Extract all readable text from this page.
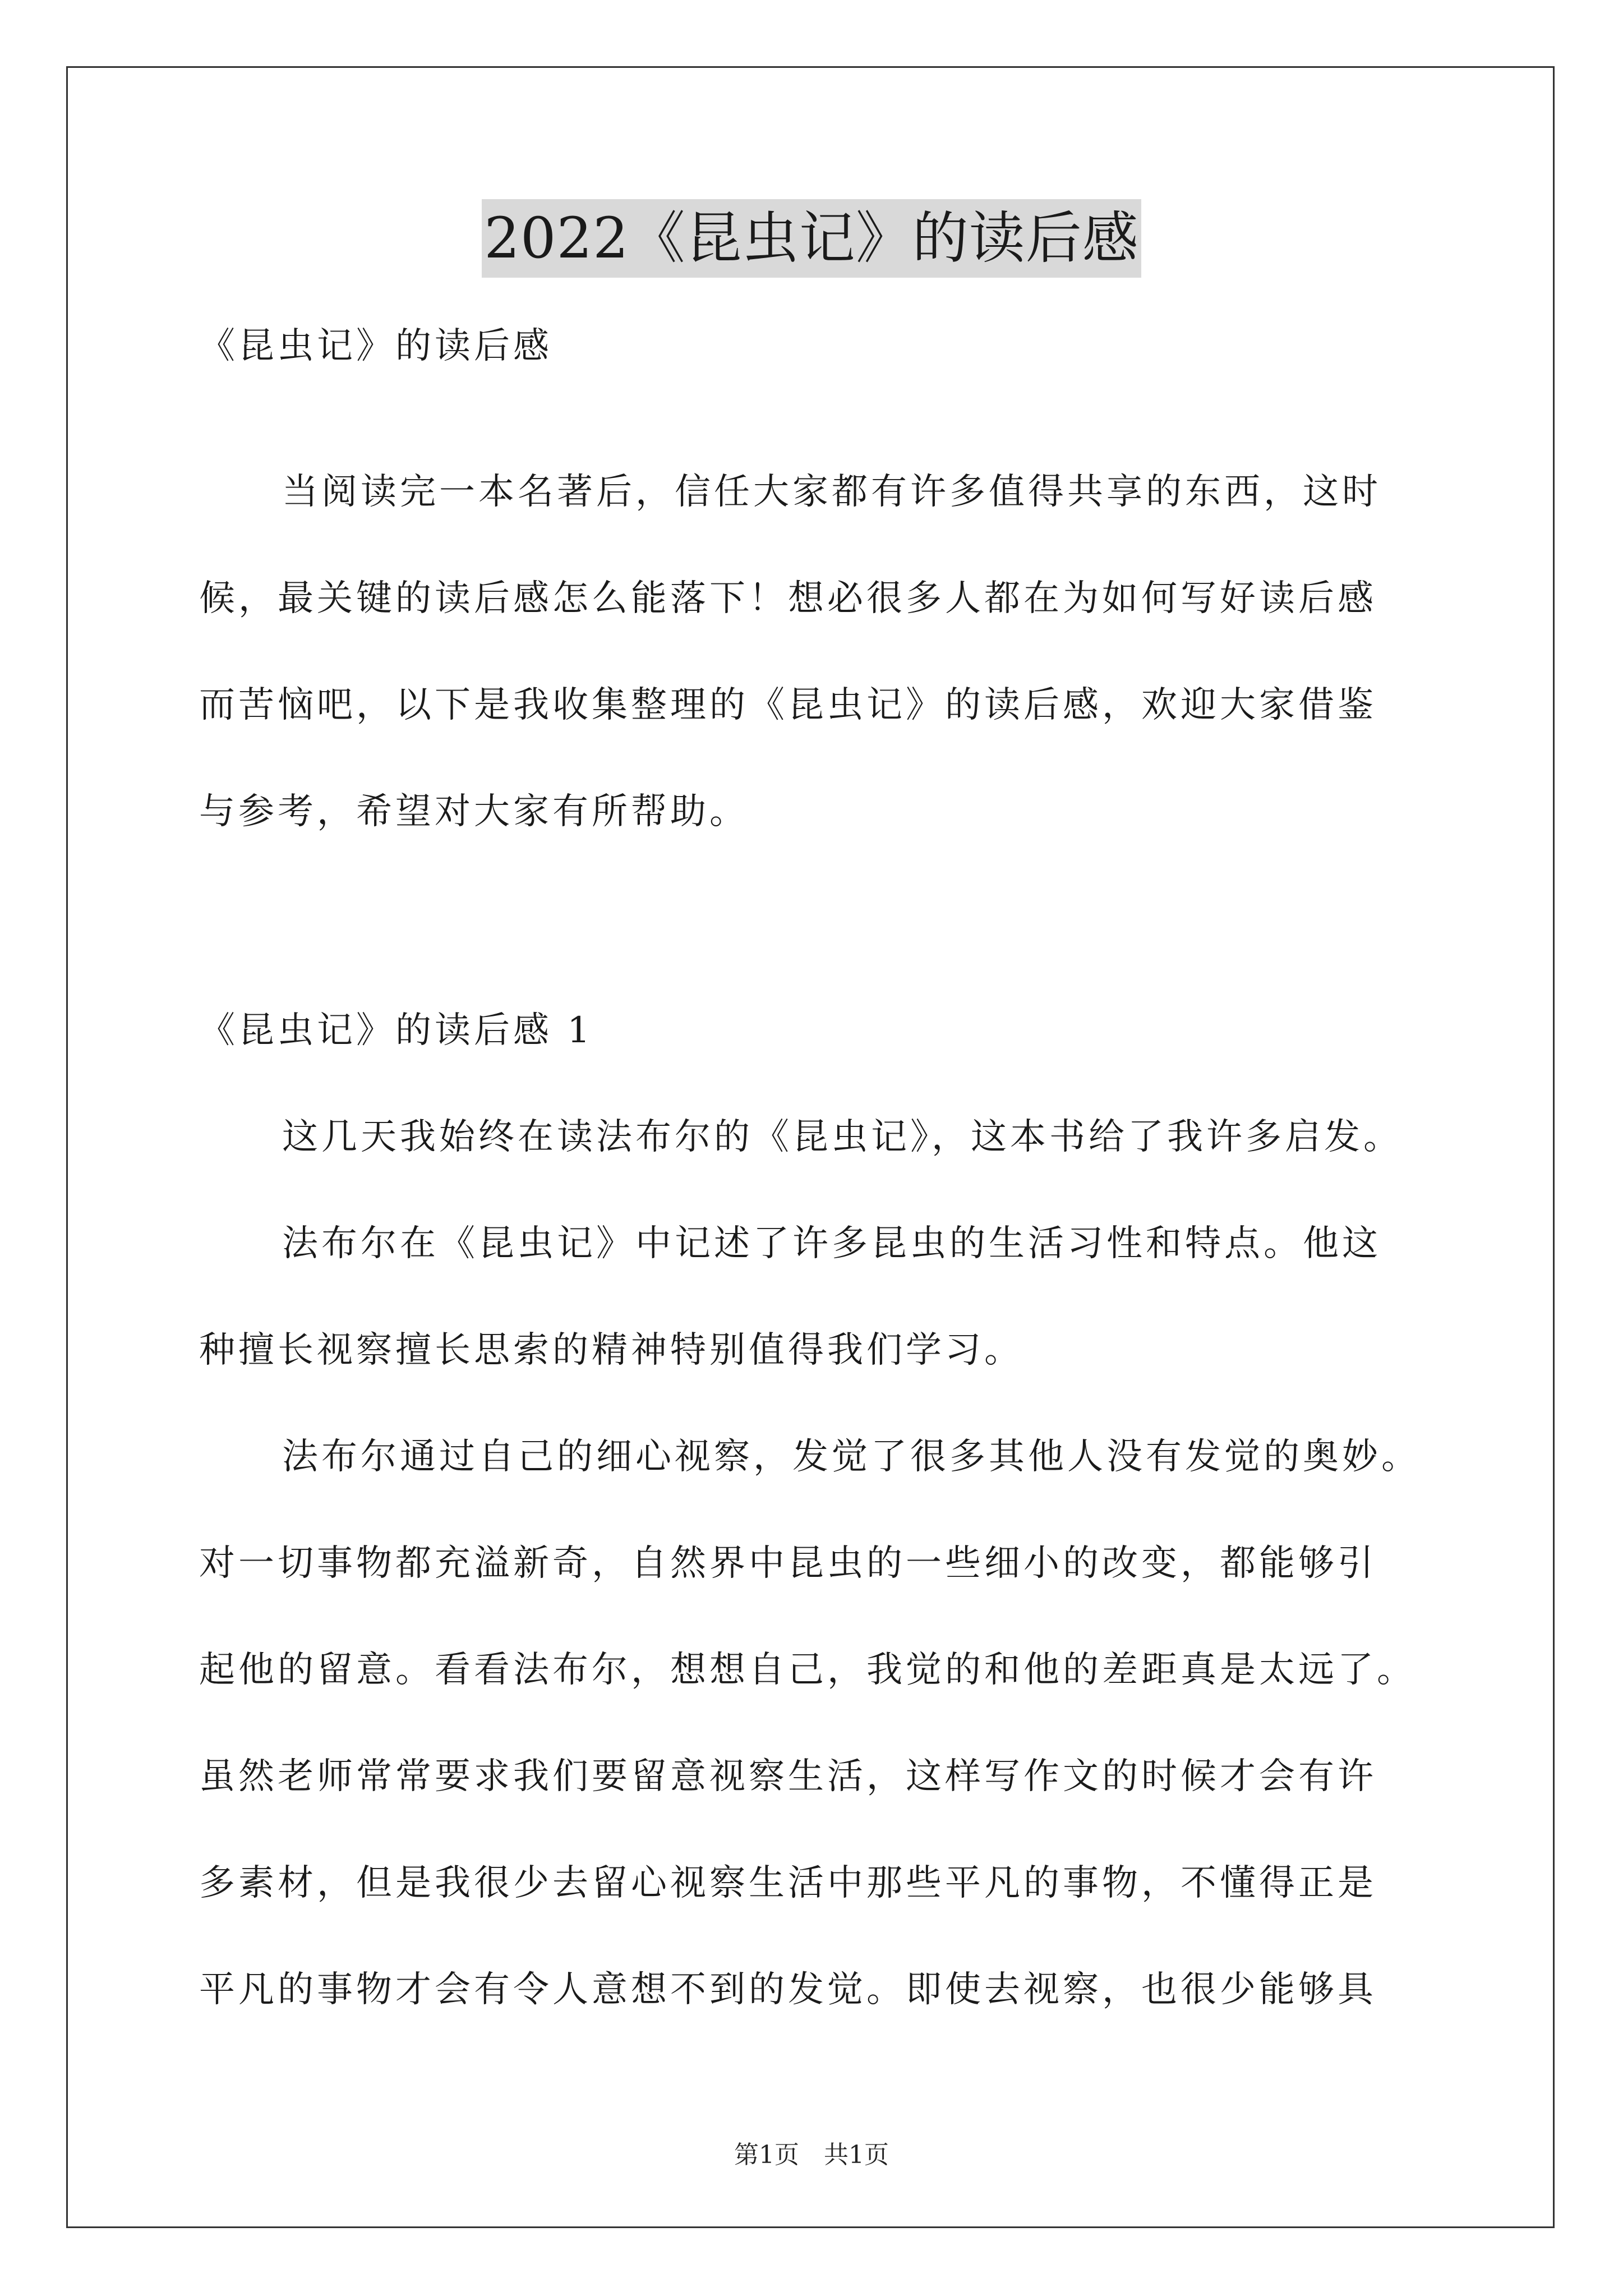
2022《昆虫记》的读后感
《昆虫记》的读后感
当阅读完一本名著后，信任大家都有许多值得共享的东西，这时
候，最关键的读后感怎么能落下！想必很多人都在为如何写好读后感
而苦恼吧，以下是我收集整理的《昆虫记》的读后感，欢迎大家借鉴
与参考，希望对大家有所帮助。
《昆虫记》的读后感 1
这几天我始终在读法布尔的《昆虫记》，这本书给了我许多启发。
法布尔在《昆虫记》中记述了许多昆虫的生活习性和特点。他这
种擅长视察擅长思索的精神特别值得我们学习。
法布尔通过自己的细心视察，发觉了很多其他人没有发觉的奥妙。
对一切事物都充溢新奇，自然界中昆虫的一些细小的改变，都能够引
起他的留意。看看法布尔，想想自己，我觉的和他的差距真是太远了。
虽然老师常常要求我们要留意视察生活，这样写作文的时候才会有许
多素材，但是我很少去留心视察生活中那些平凡的事物，不懂得正是
平凡的事物才会有令人意想不到的发觉。即使去视察，也很少能够具
第1页　共1页
